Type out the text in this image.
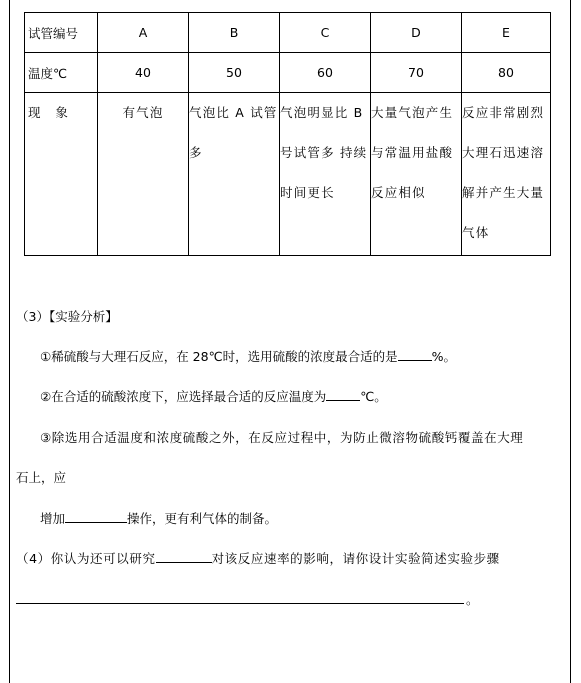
试管编号	A	B	C	D	E
温度℃	40	50	60	70	80
现　象	有气泡	气泡比 A 试管多	气泡明显比 B 号试管多 持续时间更长	大量气泡产生与常温用盐酸反应相似	反应非常剧烈大理石迅速溶解并产生大量气体
（3）【实验分析】
①稀硫酸与大理石反应，在 28℃时，选用硫酸的浓度最合适的是	%。
②在合适的硫酸浓度下，应选择最合适的反应温度为	℃。
③除选用合适温度和浓度硫酸之外，在反应过程中，为防止微溶物硫酸钙覆盖在大理
石上，应
增加	操作，更有利气体的制备。
（4）你认为还可以研究	对该反应速率的影响，请你设计实验简述实验步骤
。
